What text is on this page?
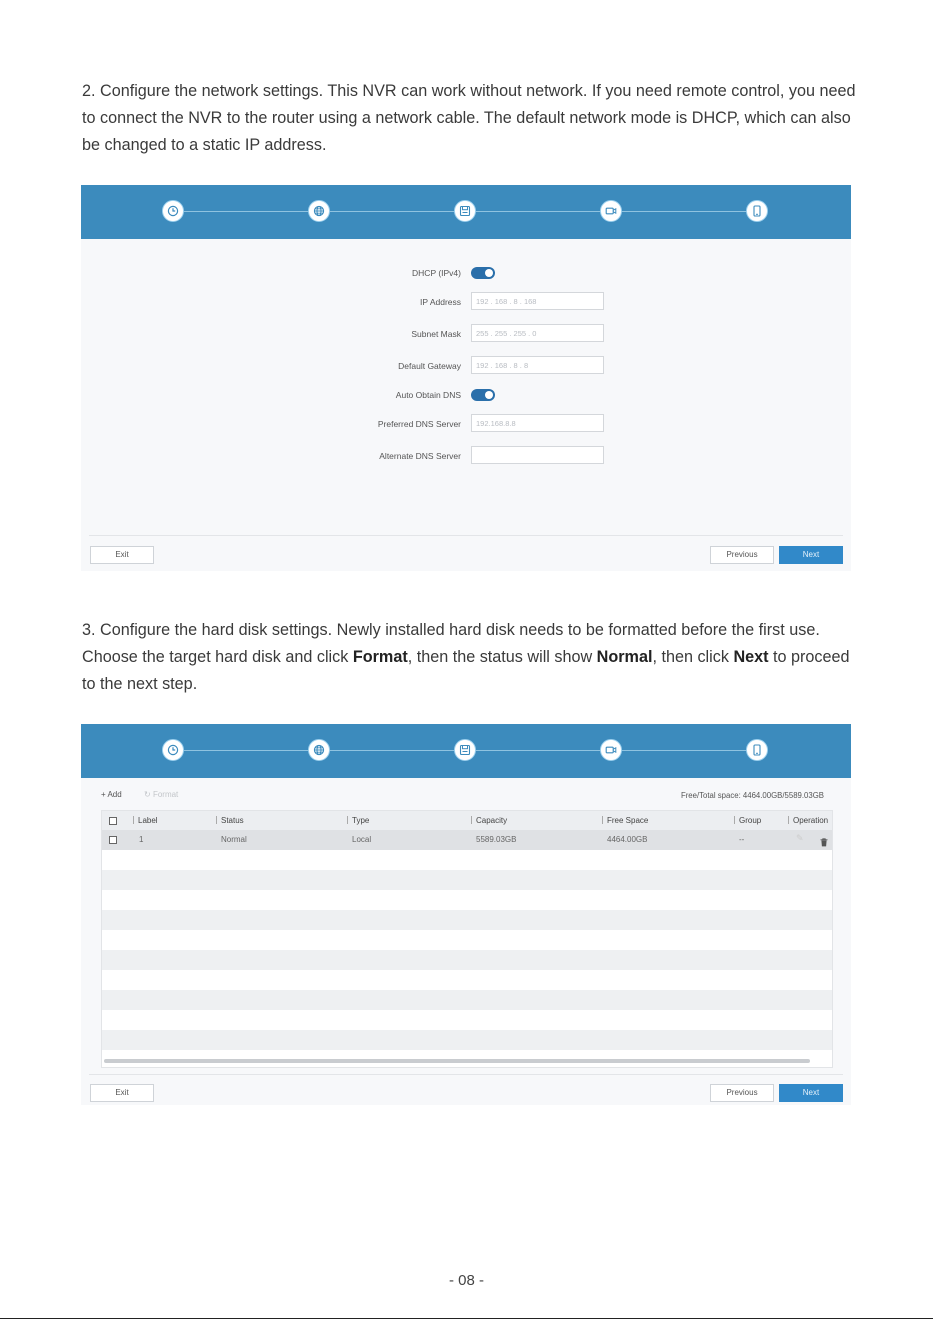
2. Configure the network settings. This NVR can work without network. If you need remote control, you need to connect the NVR to the router using a network cable. The default network mode is DHCP, which can also be changed to a static IP address.

DHCP (IPv4)
IP Address	192 . 168 . 8 . 168
Subnet Mask	255 . 255 . 255 . 0
Default Gateway	192 . 168 . 8 . 8
Auto Obtain DNS
Preferred DNS Server	192.168.8.8
Alternate DNS Server
Exit	Previous	Next

3. Configure the hard disk settings. Newly installed hard disk needs to be formatted before the first use. Choose the target hard disk and click Format, then the status will show Normal, then click Next to proceed to the next step.

+ Add	↻ Format	Free/Total space: 4464.00GB/5589.03GB
Label	Status	Type	Capacity	Free Space	Group	Operation
1	Normal	Local	5589.03GB	4464.00GB	--	✎
Exit	Previous	Next
- 08 -
